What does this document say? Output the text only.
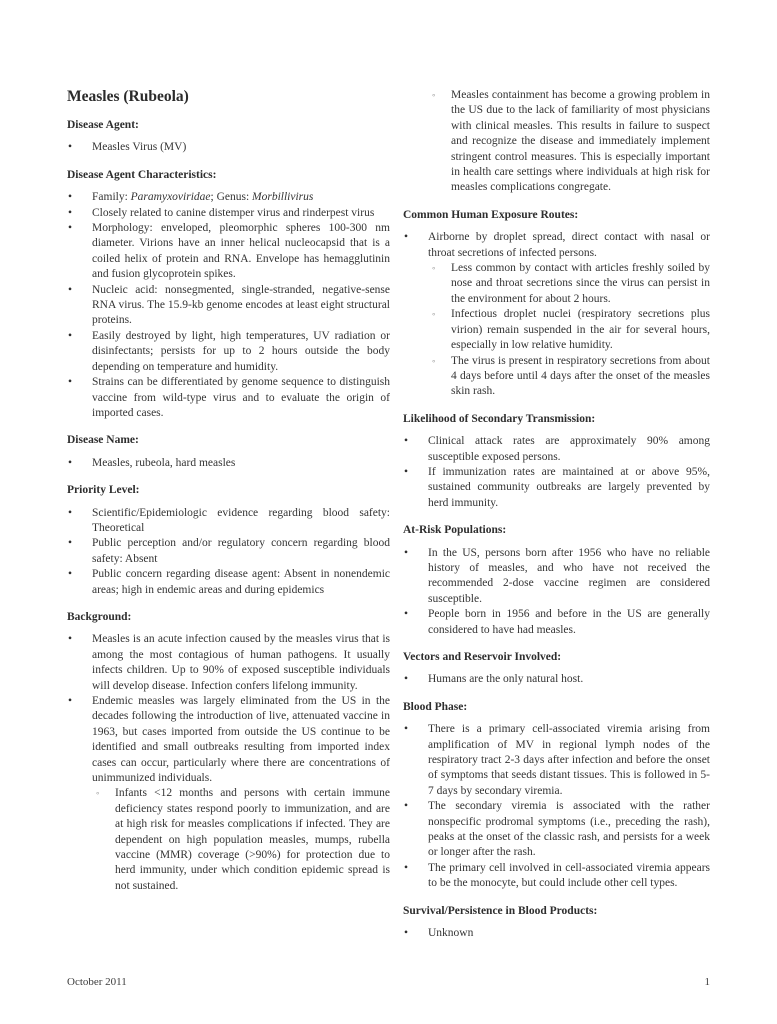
Measles (Rubeola)

Disease Agent:

• Measles Virus (MV)

Disease Agent Characteristics:

• Family: Paramyxoviridae; Genus: Morbillivirus
• Closely related to canine distemper virus and rinderpest virus
• Morphology: enveloped, pleomorphic spheres 100-300 nm diameter. Virions have an inner helical nucleocapsid that is a coiled helix of protein and RNA. Envelope has hemagglutinin and fusion glycoprotein spikes.
• Nucleic acid: nonsegmented, single-stranded, negative-sense RNA virus. The 15.9-kb genome encodes at least eight structural proteins.
• Easily destroyed by light, high temperatures, UV radiation or disinfectants; persists for up to 2 hours outside the body depending on temperature and humidity.
• Strains can be differentiated by genome sequence to distinguish vaccine from wild-type virus and to evaluate the origin of imported cases.

Disease Name:

• Measles, rubeola, hard measles

Priority Level:

• Scientific/Epidemiologic evidence regarding blood safety: Theoretical
• Public perception and/or regulatory concern regarding blood safety: Absent
• Public concern regarding disease agent: Absent in nonendemic areas; high in endemic areas and during epidemics

Background:

• Measles is an acute infection caused by the measles virus that is among the most contagious of human pathogens. It usually infects children. Up to 90% of exposed susceptible individuals will develop disease. Infection confers lifelong immunity.
• Endemic measles was largely eliminated from the US in the decades following the introduction of live, attenuated vaccine in 1963, but cases imported from outside the US continue to be identified and small outbreaks resulting from imported index cases can occur, particularly where there are concentrations of unimmunized individuals.
◦ Infants <12 months and persons with certain immune deficiency states respond poorly to immunization, and are at high risk for measles complications if infected. They are dependent on high population measles, mumps, rubella vaccine (MMR) coverage (>90%) for protection due to herd immunity, under which condition epidemic spread is not sustained.
◦ Measles containment has become a growing problem in the US due to the lack of familiarity of most physicians with clinical measles. This results in failure to suspect and recognize the disease and immediately implement stringent control measures. This is especially important in health care settings where individuals at high risk for measles complications congregate.

Common Human Exposure Routes:

• Airborne by droplet spread, direct contact with nasal or throat secretions of infected persons.
◦ Less common by contact with articles freshly soiled by nose and throat secretions since the virus can persist in the environment for about 2 hours.
◦ Infectious droplet nuclei (respiratory secretions plus virion) remain suspended in the air for several hours, especially in low relative humidity.
◦ The virus is present in respiratory secretions from about 4 days before until 4 days after the onset of the measles skin rash.

Likelihood of Secondary Transmission:

• Clinical attack rates are approximately 90% among susceptible exposed persons.
• If immunization rates are maintained at or above 95%, sustained community outbreaks are largely prevented by herd immunity.

At-Risk Populations:

• In the US, persons born after 1956 who have no reliable history of measles, and who have not received the recommended 2-dose vaccine regimen are considered susceptible.
• People born in 1956 and before in the US are generally considered to have had measles.

Vectors and Reservoir Involved:

• Humans are the only natural host.

Blood Phase:

• There is a primary cell-associated viremia arising from amplification of MV in regional lymph nodes of the respiratory tract 2-3 days after infection and before the onset of symptoms that seeds distant tissues. This is followed in 5-7 days by secondary viremia.
• The secondary viremia is associated with the rather nonspecific prodromal symptoms (i.e., preceding the rash), peaks at the onset of the classic rash, and persists for a week or longer after the rash.
• The primary cell involved in cell-associated viremia appears to be the monocyte, but could include other cell types.

Survival/Persistence in Blood Products:

• Unknown
October 2011	1
